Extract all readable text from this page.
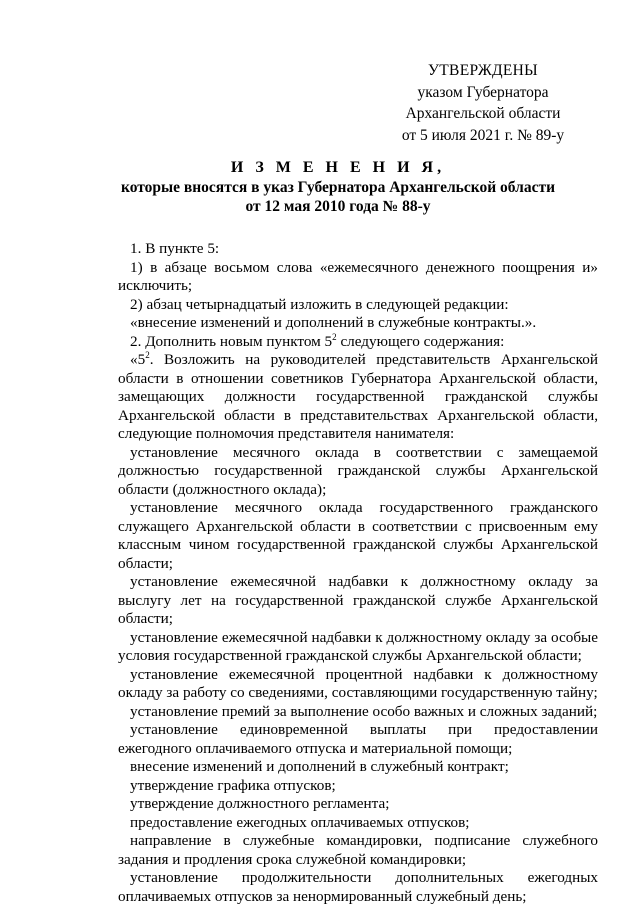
УТВЕРЖДЕНЫ
указом Губернатора
Архангельской области
от 5 июля 2021 г. № 89-у
И З М Е Н Е Н И Я,
которые вносятся в указ Губернатора Архангельской области
от 12 мая 2010 года № 88-у

1. В пункте 5:

1) в абзаце восьмом слова «ежемесячного денежного поощрения и» исключить;

2) абзац четырнадцатый изложить в следующей редакции:

«внесение изменений и дополнений в служебные контракты.».

2. Дополнить новым пунктом $5^2$ следующего содержания:

«$5^2$. Возложить на руководителей представительств Архангельской области в отношении советников Губернатора Архангельской области, замещающих должности государственной гражданской службы Архангельской области в представительствах Архангельской области, следующие полномочия представителя нанимателя:

установление месячного оклада в соответствии с замещаемой должностью государственной гражданской службы Архангельской области (должностного оклада);

установление месячного оклада государственного гражданского служащего Архангельской области в соответствии с присвоенным ему классным чином государственной гражданской службы Архангельской области;

установление ежемесячной надбавки к должностному окладу за выслугу лет на государственной гражданской службе Архангельской области;

установление ежемесячной надбавки к должностному окладу за особые условия государственной гражданской службы Архангельской области;

установление ежемесячной процентной надбавки к должностному окладу за работу со сведениями, составляющими государственную тайну;

установление премий за выполнение особо важных и сложных заданий;

установление единовременной выплаты при предоставлении ежегодного оплачиваемого отпуска и материальной помощи;

внесение изменений и дополнений в служебный контракт;

утверждение графика отпусков;

утверждение должностного регламента;

предоставление ежегодных оплачиваемых отпусков;

направление в служебные командировки, подписание служебного задания и продления срока служебной командировки;

установление продолжительности дополнительных ежегодных оплачиваемых отпусков за ненормированный служебный день;
